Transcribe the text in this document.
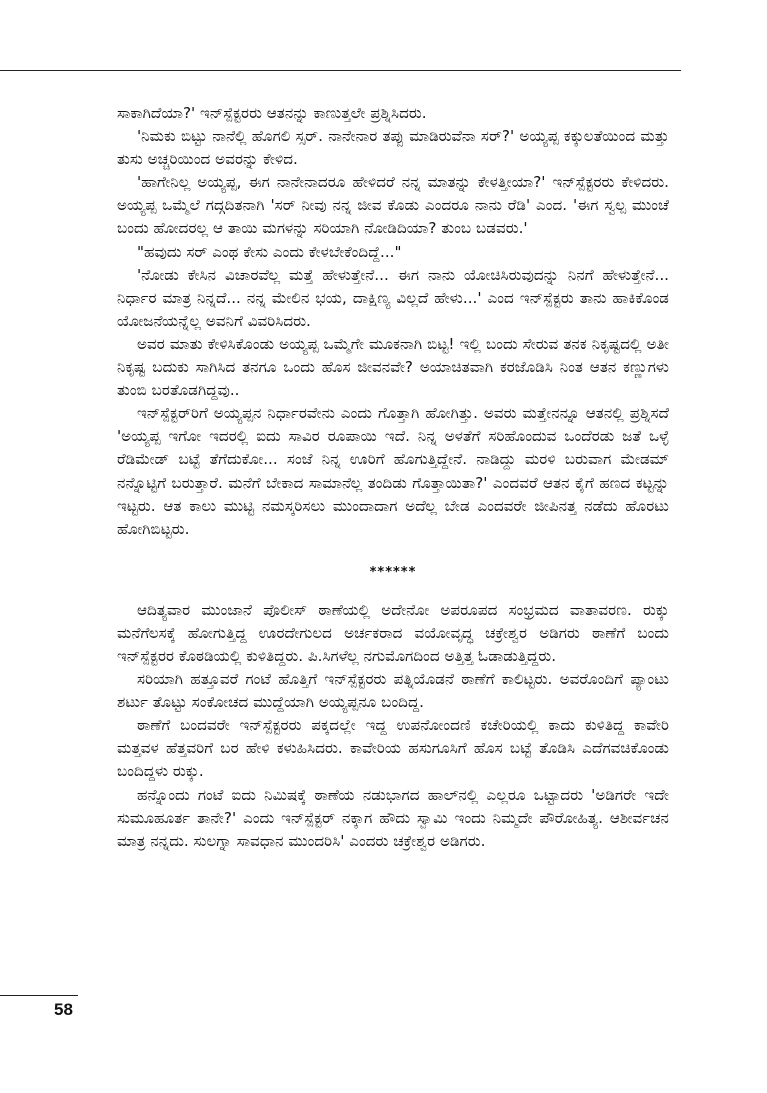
ಸಾಕಾಗಿದೆಯಾ?' ಇನ್‌ಸ್ಪೆಕ್ಟರರು ಆತನನ್ನು ಕಾಣುತ್ತಲೇ ಪ್ರಶ್ನಿಸಿದರು.

'ನಿಮಕು ಬಿಟ್ಟು ನಾನೆಲ್ಲಿ ಹೊಗಲಿ ಸ್ಸರ್. ನಾನೇನಾರ ತಪ್ಪು ಮಾಡಿರುವೆನಾ ಸರ್?' ಅಯ್ಯಪ್ಪ ಕಕ್ಕುಲತೆಯಿಂದ ಮತ್ತು ತುಸು ಅಚ್ಚರಿಯಿಂದ ಅವರನ್ನು ಕೇಳಿದ.

'ಹಾಗೇನಿಲ್ಲ ಅಯ್ಯಪ್ಪ, ಈಗ ನಾನೇನಾದರೂ ಹೇಳಿದರೆ ನನ್ನ ಮಾತನ್ನು ಕೇಳತ್ತೀಯಾ?' ಇನ್‌ಸ್ಪೆಕ್ಟರರು ಕೇಳಿದರು. ಅಯ್ಯಪ್ಪ ಒಮ್ಮೆಲೆ ಗದ್ಗದಿತನಾಗಿ 'ಸರ್ ನೀವು ನನ್ನ ಜೀವ ಕೊಡು ಎಂದರೂ ನಾನು ರೆಡಿ' ಎಂದ. 'ಈಗ ಸ್ವಲ್ಪ ಮುಂಚೆ ಬಂದು ಹೋದರಲ್ಲ ಆ ತಾಯಿ ಮಗಳನ್ನು ಸರಿಯಾಗಿ ನೋಡಿದಿಯಾ? ತುಂಬ ಬಡವರು.'

"ಹವುದು ಸರ್ ಎಂಥ ಕೇಸು ಎಂದು ಕೇಳಬೇಕೆಂದಿದ್ದೆ..."

'ನೋಡು ಕೇಸಿನ ವಿಚಾರವೆಲ್ಲ ಮತ್ತೆ ಹೇಳುತ್ತೇನೆ... ಈಗ ನಾನು ಯೋಚಿಸಿರುವುದನ್ನು ನಿನಗೆ ಹೇಳುತ್ತೇನೆ... ನಿರ್ಧಾರ ಮಾತ್ರ ನಿನ್ನದೆ... ನನ್ನ ಮೇಲಿನ ಭಯ, ದಾಕ್ಷಿಣ್ಯ ವಿಲ್ಲದೆ ಹೇಳು...' ಎಂದ ಇನ್‌ಸ್ಪೆಕ್ಟರು ತಾನು ಹಾಕಿಕೊಂಡ ಯೋಜನೆಯನ್ನೆಲ್ಲ ಅವನಿಗೆ ವಿವರಿಸಿದರು.

ಅವರ ಮಾತು ಕೇಳಿಸಿಕೊಂಡು ಅಯ್ಯಪ್ಪ ಒಮ್ಮೆಗೇ ಮೂಕನಾಗಿ ಬಿಟ್ಟ! ಇಲ್ಲಿ ಬಂದು ಸೇರುವ ತನಕ ನಿಕೃಷ್ಟದಲ್ಲಿ ಅತೀ ನಿಕೃಷ್ಟ ಬದುಕು ಸಾಗಿಸಿದ ತನಗೂ ಒಂದು ಹೊಸ ಜೀವನವೇ? ಅಯಾಚಿತವಾಗಿ ಕರಜೊಡಿಸಿ ನಿಂತ ಆತನ ಕಣ್ಣುಗಳು ತುಂಬಿ ಬರತೊಡಗಿದ್ದವು..

ಇನ್‌ಸ್ಪೆಕ್ಟರ್‌ರಿಗೆ ಅಯ್ಯಪ್ಪನ ನಿರ್ಧಾರವೇನು ಎಂದು ಗೊತ್ತಾಗಿ ಹೋಗಿತ್ತು. ಅವರು ಮತ್ತೇನನ್ನೂ ಆತನಲ್ಲಿ ಪ್ರಶ್ನಿಸದೆ 'ಅಯ್ಯಪ್ಪ ಇಗೋ ಇದರಲ್ಲಿ ಐದು ಸಾವಿರ ರೂಪಾಯಿ ಇದೆ. ನಿನ್ನ ಅಳತೆಗೆ ಸರಿಹೊಂದುವ ಒಂದೆರಡು ಜತೆ ಒಳ್ಳೆ ರೆಡಿಮೇಡ್ ಬಟ್ಟೆ ತೆಗೆದುಕೋ... ಸಂಜೆ ನಿನ್ನ ಊರಿಗೆ ಹೊಗುತ್ತಿದ್ದೇನೆ. ನಾಡಿದ್ದು ಮರಳಿ ಬರುವಾಗ ಮೇಡಮ್ ನನ್ನೊಟ್ಟಿಗೆ ಬರುತ್ತಾರೆ. ಮನೆಗೆ ಬೇಕಾದ ಸಾಮಾನೆಲ್ಲ ತಂದಿಡು ಗೊತ್ತಾಯಿತಾ?' ಎಂದವರೆ ಆತನ ಕೈಗೆ ಹಣದ ಕಟ್ಟನ್ನು ಇಟ್ಟರು. ಆತ ಕಾಲು ಮುಟ್ಟಿ ನಮಸ್ಕರಿಸಲು ಮುಂದಾದಾಗ ಅದೆಲ್ಲ ಬೇಡ ಎಂದವರೇ ಜೀಪಿನತ್ತ ನಡೆದು ಹೊರಟು ಹೋಗಿಬಿಟ್ಟರು.

******

ಆದಿತ್ಯವಾರ ಮುಂಜಾನೆ ಪೊಲೀಸ್ ಠಾಣೆಯಲ್ಲಿ ಅದೇನೋ ಅಪರೂಪದ ಸಂಭ್ರಮದ ವಾತಾವರಣ. ರುಕ್ಕು ಮನೆಗೆಲಸಕ್ಕೆ ಹೋಗುತ್ತಿದ್ದ ಊರದೇಗುಲದ ಅರ್ಚಕರಾದ ವಯೋವೃದ್ಧ ಚಕ್ರೇಶ್ವರ ಅಡಿಗರು ಠಾಣೆಗೆ ಬಂದು ಇನ್‌ಸ್ಪೆಕ್ಟರರ ಕೊಠಡಿಯಲ್ಲಿ ಕುಳಿತಿದ್ದರು. ಪಿ.ಸಿಗಳೆಲ್ಲ ನಗುಮೊಗದಿಂದ ಅತ್ತಿತ್ತ ಓಡಾಡುತ್ತಿದ್ದರು.

ಸರಿಯಾಗಿ ಹತ್ತೂವರೆ ಗಂಟೆ ಹೊತ್ತಿಗೆ ಇನ್‌ಸ್ಪೆಕ್ಟರರು ಪತ್ನಿಯೊಡನೆ ಠಾಣೆಗೆ ಕಾಲಿಟ್ಟರು. ಅವರೊಂದಿಗೆ ಪ್ಯಾಂಟು ಶರ್ಟು ತೊಟ್ಟು ಸಂಕೋಚದ ಮುದ್ದೆಯಾಗಿ ಅಯ್ಯಪ್ಪನೂ ಬಂದಿದ್ದ.

ಠಾಣೆಗೆ ಬಂದವರೇ ಇನ್‌ಸ್ಪೆಕ್ಟರರು ಪಕ್ಕದಲ್ಲೇ ಇದ್ದ ಉಪನೋಂದಣಿ ಕಚೇರಿಯಲ್ಲಿ ಕಾದು ಕುಳಿತಿದ್ದ ಕಾವೇರಿ ಮತ್ತವಳ ಹೆತ್ತವರಿಗೆ ಬರ ಹೇಳಿ ಕಳುಹಿಸಿದರು. ಕಾವೇರಿಯ ಹಸುಗೂಸಿಗೆ ಹೊಸ ಬಟ್ಟೆ ತೊಡಿಸಿ ಎದೆಗವಚಿಕೊಂಡು ಬಂದಿದ್ದಳು ರುಕ್ಕು.

ಹನ್ನೊಂದು ಗಂಟೆ ಐದು ನಿಮಿಷಕ್ಕೆ ಠಾಣೆಯ ನಡುಭಾಗದ ಹಾಲ್‌ನಲ್ಲಿ ಎಲ್ಲರೂ ಒಟ್ಟಾದರು 'ಅಡಿಗರೇ ಇದೇ ಸುಮೂಹೂರ್ತ ತಾನೇ?' ಎಂದು ಇನ್‌ಸ್ಪೆಕ್ಟರ್ ನಕ್ಕಾಗ ಹೌದು ಸ್ವಾಮಿ ಇಂದು ನಿಮ್ಮದೇ ಪೌರೋಹಿತ್ಯ. ಆಶೀರ್ವಚನ ಮಾತ್ರ ನನ್ನದು. ಸುಲಗ್ನಾ ಸಾವಧಾನ ಮುಂದರಿಸಿ' ಎಂದರು ಚಕ್ರೇಶ್ವರ ಅಡಿಗರು.

58
